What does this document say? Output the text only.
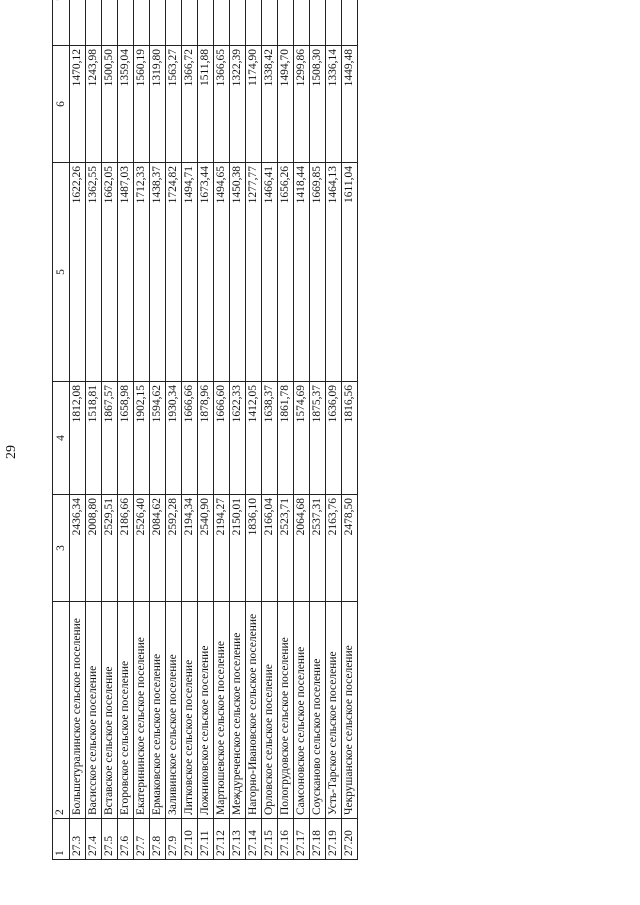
29
1	2	3	4	5	6	
27.3	Большетуралинское сельское поселение	2436,34	1812,08	1622,26	1470,12	
27.4	Васисское сельское поселение	2008,80	1518,81	1362,55	1243,98	
27.5	Вставское сельское поселение	2529,51	1867,57	1662,05	1500,50	
27.6	Егоровское сельское поселение	2186,66	1658,98	1487,03	1359,04	
27.7	Екатерининское сельское поселение	2526,40	1902,15	1712,33	1560,19	
27.8	Ермаковское сельское поселение	2084,62	1594,62	1438,37	1319,80	
27.9	Заливинское сельское поселение	2592,28	1930,34	1724,82	1563,27	
27.10	Литковское сельское поселение	2194,34	1666,66	1494,71	1366,72	
27.11	Ложниковское сельское поселение	2540,90	1878,96	1673,44	1511,88	
27.12	Мартюшевское сельское поселение	2194,27	1666,60	1494,65	1366,65	
27.13	Междуреченское сельское поселение	2150,01	1622,33	1450,38	1322,39	
27.14	Нагорно-Ивановское сельское поселение	1836,10	1412,05	1277,77	1174,90	
27.15	Орловское сельское поселение	2166,04	1638,37	1466,41	1338,42	
27.16	Пологрудовское сельское поселение	2523,71	1861,78	1656,26	1494,70	
27.17	Самсоновское сельское поселение	2064,68	1574,69	1418,44	1299,86	
27.18	Соусканово сельское поселение	2537,31	1875,37	1669,85	1508,30	
27.19	Усть-Тарское сельское поселение	2163,76	1636,09	1464,13	1336,14	
27.20	Чекрушанское сельское поселение	2478,50	1816,56	1611,04	1449,48	
